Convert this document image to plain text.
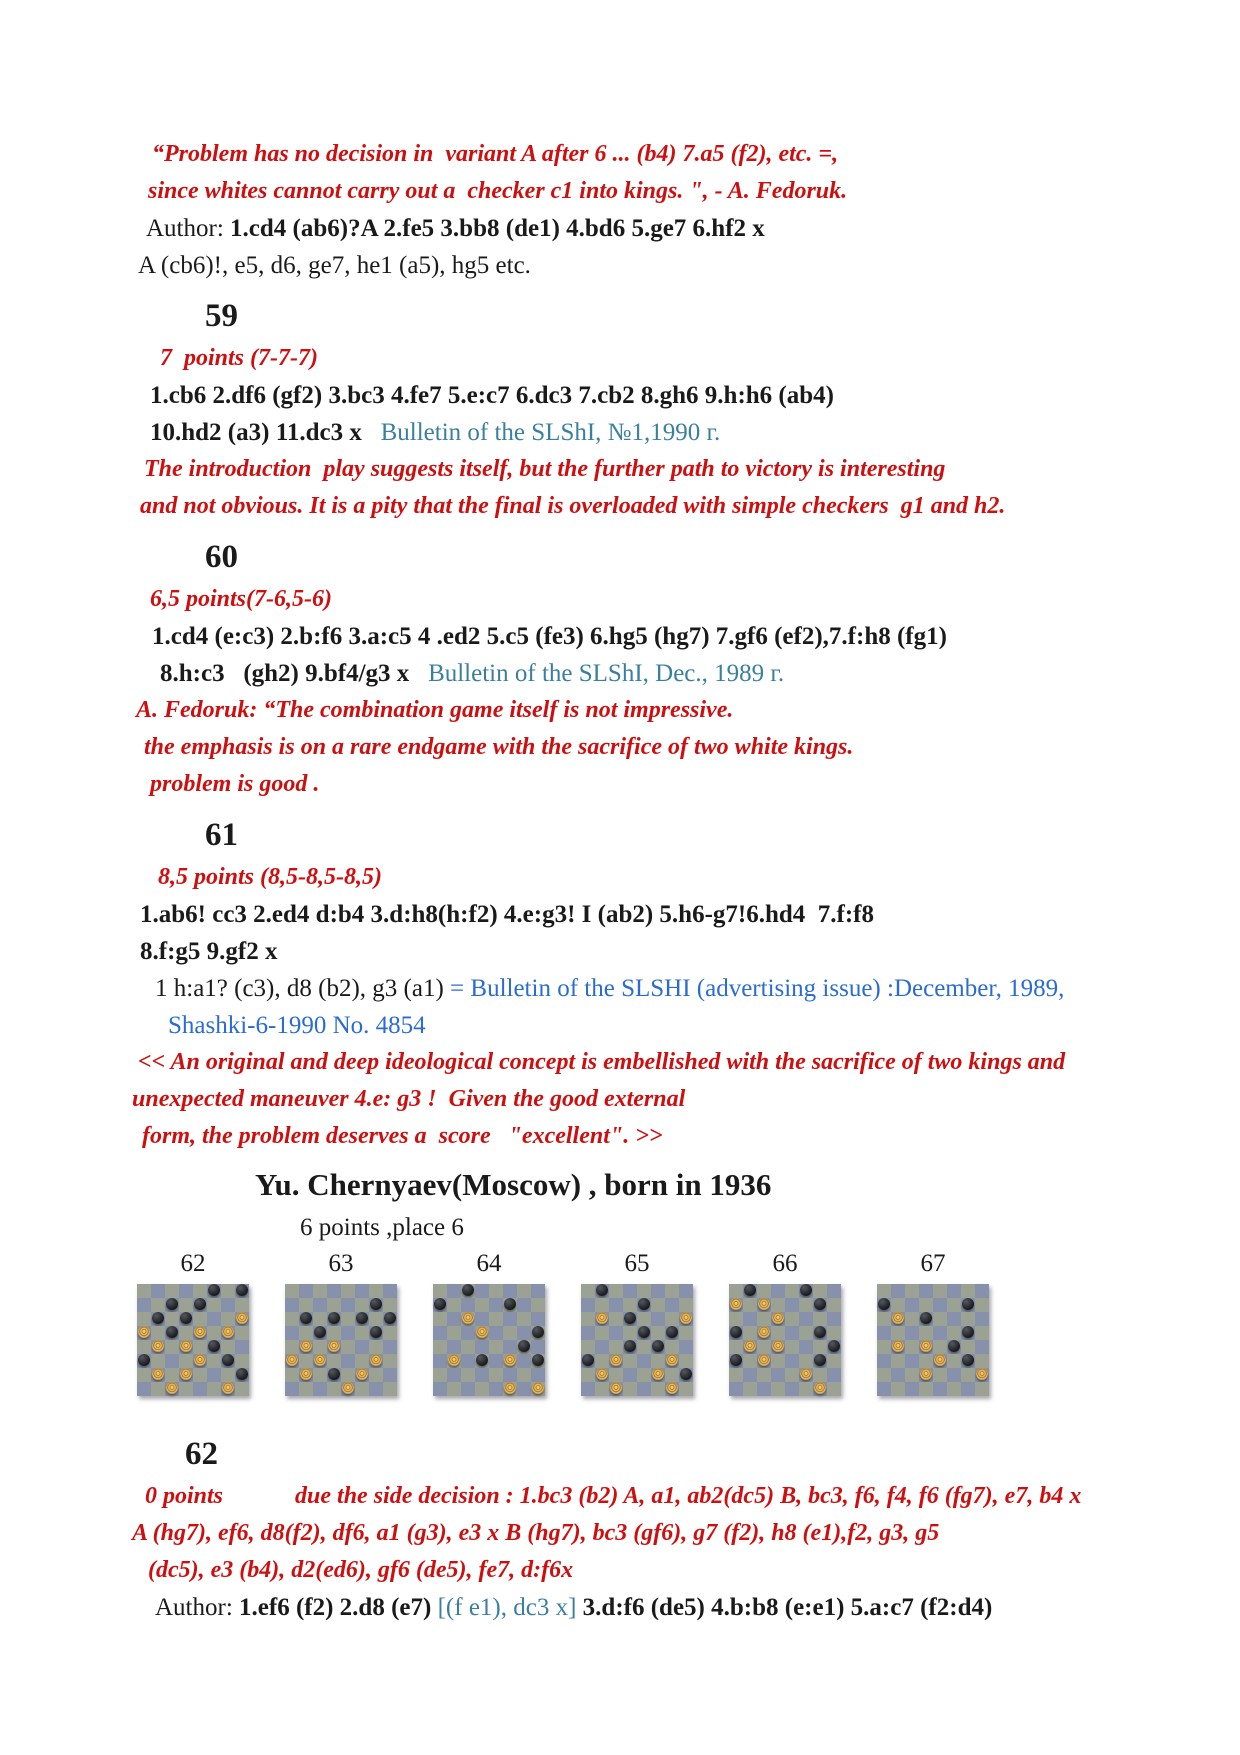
“Problem has no decision in  variant A after 6 ... (b4) 7.a5 (f2), etc. =,
since whites cannot carry out a  checker c1 into kings. ", - A. Fedoruk.
Author: 1.cd4 (ab6)?A 2.fe5 3.bb8 (de1) 4.bd6 5.ge7 6.hf2 x
A (cb6)!, e5, d6, ge7, he1 (a5), hg5 etc.
59
7  points (7-7-7)
1.cb6 2.df6 (gf2) 3.bc3 4.fe7 5.e:c7 6.dc3 7.cb2 8.gh6 9.h:h6 (ab4)
10.hd2 (a3) 11.dc3 x   Bulletin of the SLShI, №1,1990 г.
The introduction  play suggests itself, but the further path to victory is interesting
and not obvious. It is a pity that the final is overloaded with simple checkers  g1 and h2.
60
6,5 points(7-6,5-6)
1.cd4 (e:c3) 2.b:f6 3.a:c5 4 .ed2 5.c5 (fe3) 6.hg5 (hg7) 7.gf6 (ef2),7.f:h8 (fg1)
8.h:c3   (gh2) 9.bf4/g3 x   Bulletin of the SLShI, Dec., 1989 г.
A. Fedoruk: “The combination game itself is not impressive.
the emphasis is on a rare endgame with the sacrifice of two white kings.
problem is good .
61
8,5 points (8,5-8,5-8,5)
1.ab6! cc3 2.ed4 d:b4 3.d:h8(h:f2) 4.e:g3! I (ab2) 5.h6-g7!6.hd4  7.f:f8
8.f:g5 9.gf2 x
1 h:a1? (c3), d8 (b2), g3 (a1) = Bulletin of the SLSHI (advertising issue) :December, 1989,
Shashki-6-1990 No. 4854
<< An original and deep ideological concept is embellished with the sacrifice of two kings and
unexpected maneuver 4.e: g3 !  Given the good external
form, the problem deserves a  score   "excellent". >>
Yu. Chernyaev(Moscow) , born in 1936
6 points ,place 6
62	63	64	65	66	67
62
0 points            due the side decision : 1.bc3 (b2) A, a1, ab2(dc5) B, bc3, f6, f4, f6 (fg7), e7, b4 x
A (hg7), ef6, d8(f2), df6, a1 (g3), e3 x B (hg7), bc3 (gf6), g7 (f2), h8 (e1),f2, g3, g5
(dc5), e3 (b4), d2(ed6), gf6 (de5), fe7, d:f6x
Author: 1.ef6 (f2) 2.d8 (e7) [(f e1), dc3 x] 3.d:f6 (de5) 4.b:b8 (e:e1) 5.a:c7 (f2:d4)
